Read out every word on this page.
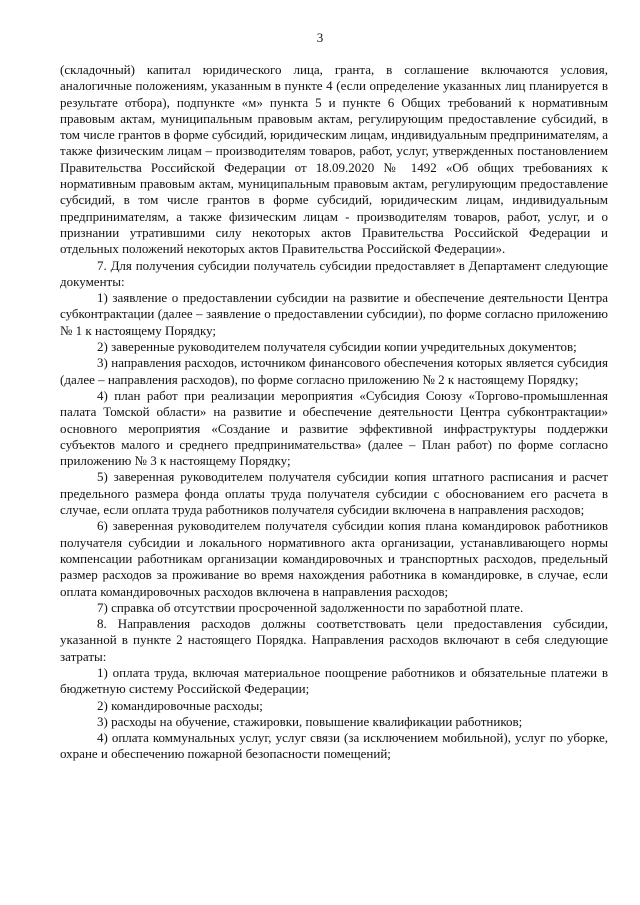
3

(складочный) капитал юридического лица, гранта, в соглашение включаются условия, аналогичные положениям, указанным в пункте 4 (если определение указанных лиц планируется в результате отбора), подпункте «м» пункта 5 и пункте 6 Общих требований к нормативным правовым актам, муниципальным правовым актам, регулирующим предоставление субсидий, в том числе грантов в форме субсидий, юридическим лицам, индивидуальным предпринимателям, а также физическим лицам – производителям товаров, работ, услуг, утвержденных постановлением Правительства Российской Федерации от 18.09.2020 № 1492 «Об общих требованиях к нормативным правовым актам, муниципальным правовым актам, регулирующим предоставление субсидий, в том числе грантов в форме субсидий, юридическим лицам, индивидуальным предпринимателям, а также физическим лицам - производителям товаров, работ, услуг, и о признании утратившими силу некоторых актов Правительства Российской Федерации и отдельных положений некоторых актов Правительства Российской Федерации».

7. Для получения субсидии получатель субсидии предоставляет в Департамент следующие документы:

1) заявление о предоставлении субсидии на развитие и обеспечение деятельности Центра субконтрактации (далее – заявление о предоставлении субсидии), по форме согласно приложению № 1 к настоящему Порядку;

2) заверенные руководителем получателя субсидии копии учредительных документов;

3) направления расходов, источником финансового обеспечения которых является субсидия (далее – направления расходов), по форме согласно приложению № 2 к настоящему Порядку;

4) план работ при реализации мероприятия «Субсидия Союзу «Торгово-промышленная палата Томской области» на развитие и обеспечение деятельности Центра субконтрактации» основного мероприятия «Создание и развитие эффективной инфраструктуры поддержки субъектов малого и среднего предпринимательства» (далее – План работ) по форме согласно приложению № 3 к настоящему Порядку;

5) заверенная руководителем получателя субсидии копия штатного расписания и расчет предельного размера фонда оплаты труда получателя субсидии с обоснованием его расчета в случае, если оплата труда работников получателя субсидии включена в направления расходов;

6) заверенная руководителем получателя субсидии копия плана командировок работников получателя субсидии и локального нормативного акта организации, устанавливающего нормы компенсации работникам организации командировочных и транспортных расходов, предельный размер расходов за проживание во время нахождения работника в командировке, в случае, если оплата командировочных расходов включена в направления расходов;

7) справка об отсутствии просроченной задолженности по заработной плате.

8. Направления расходов должны соответствовать цели предоставления субсидии, указанной в пункте 2 настоящего Порядка. Направления расходов включают в себя следующие затраты:

1) оплата труда, включая материальное поощрение работников и обязательные платежи в бюджетную систему Российской Федерации;

2) командировочные расходы;

3) расходы на обучение, стажировки, повышение квалификации работников;

4) оплата коммунальных услуг, услуг связи (за исключением мобильной), услуг по уборке, охране и обеспечению пожарной безопасности помещений;
